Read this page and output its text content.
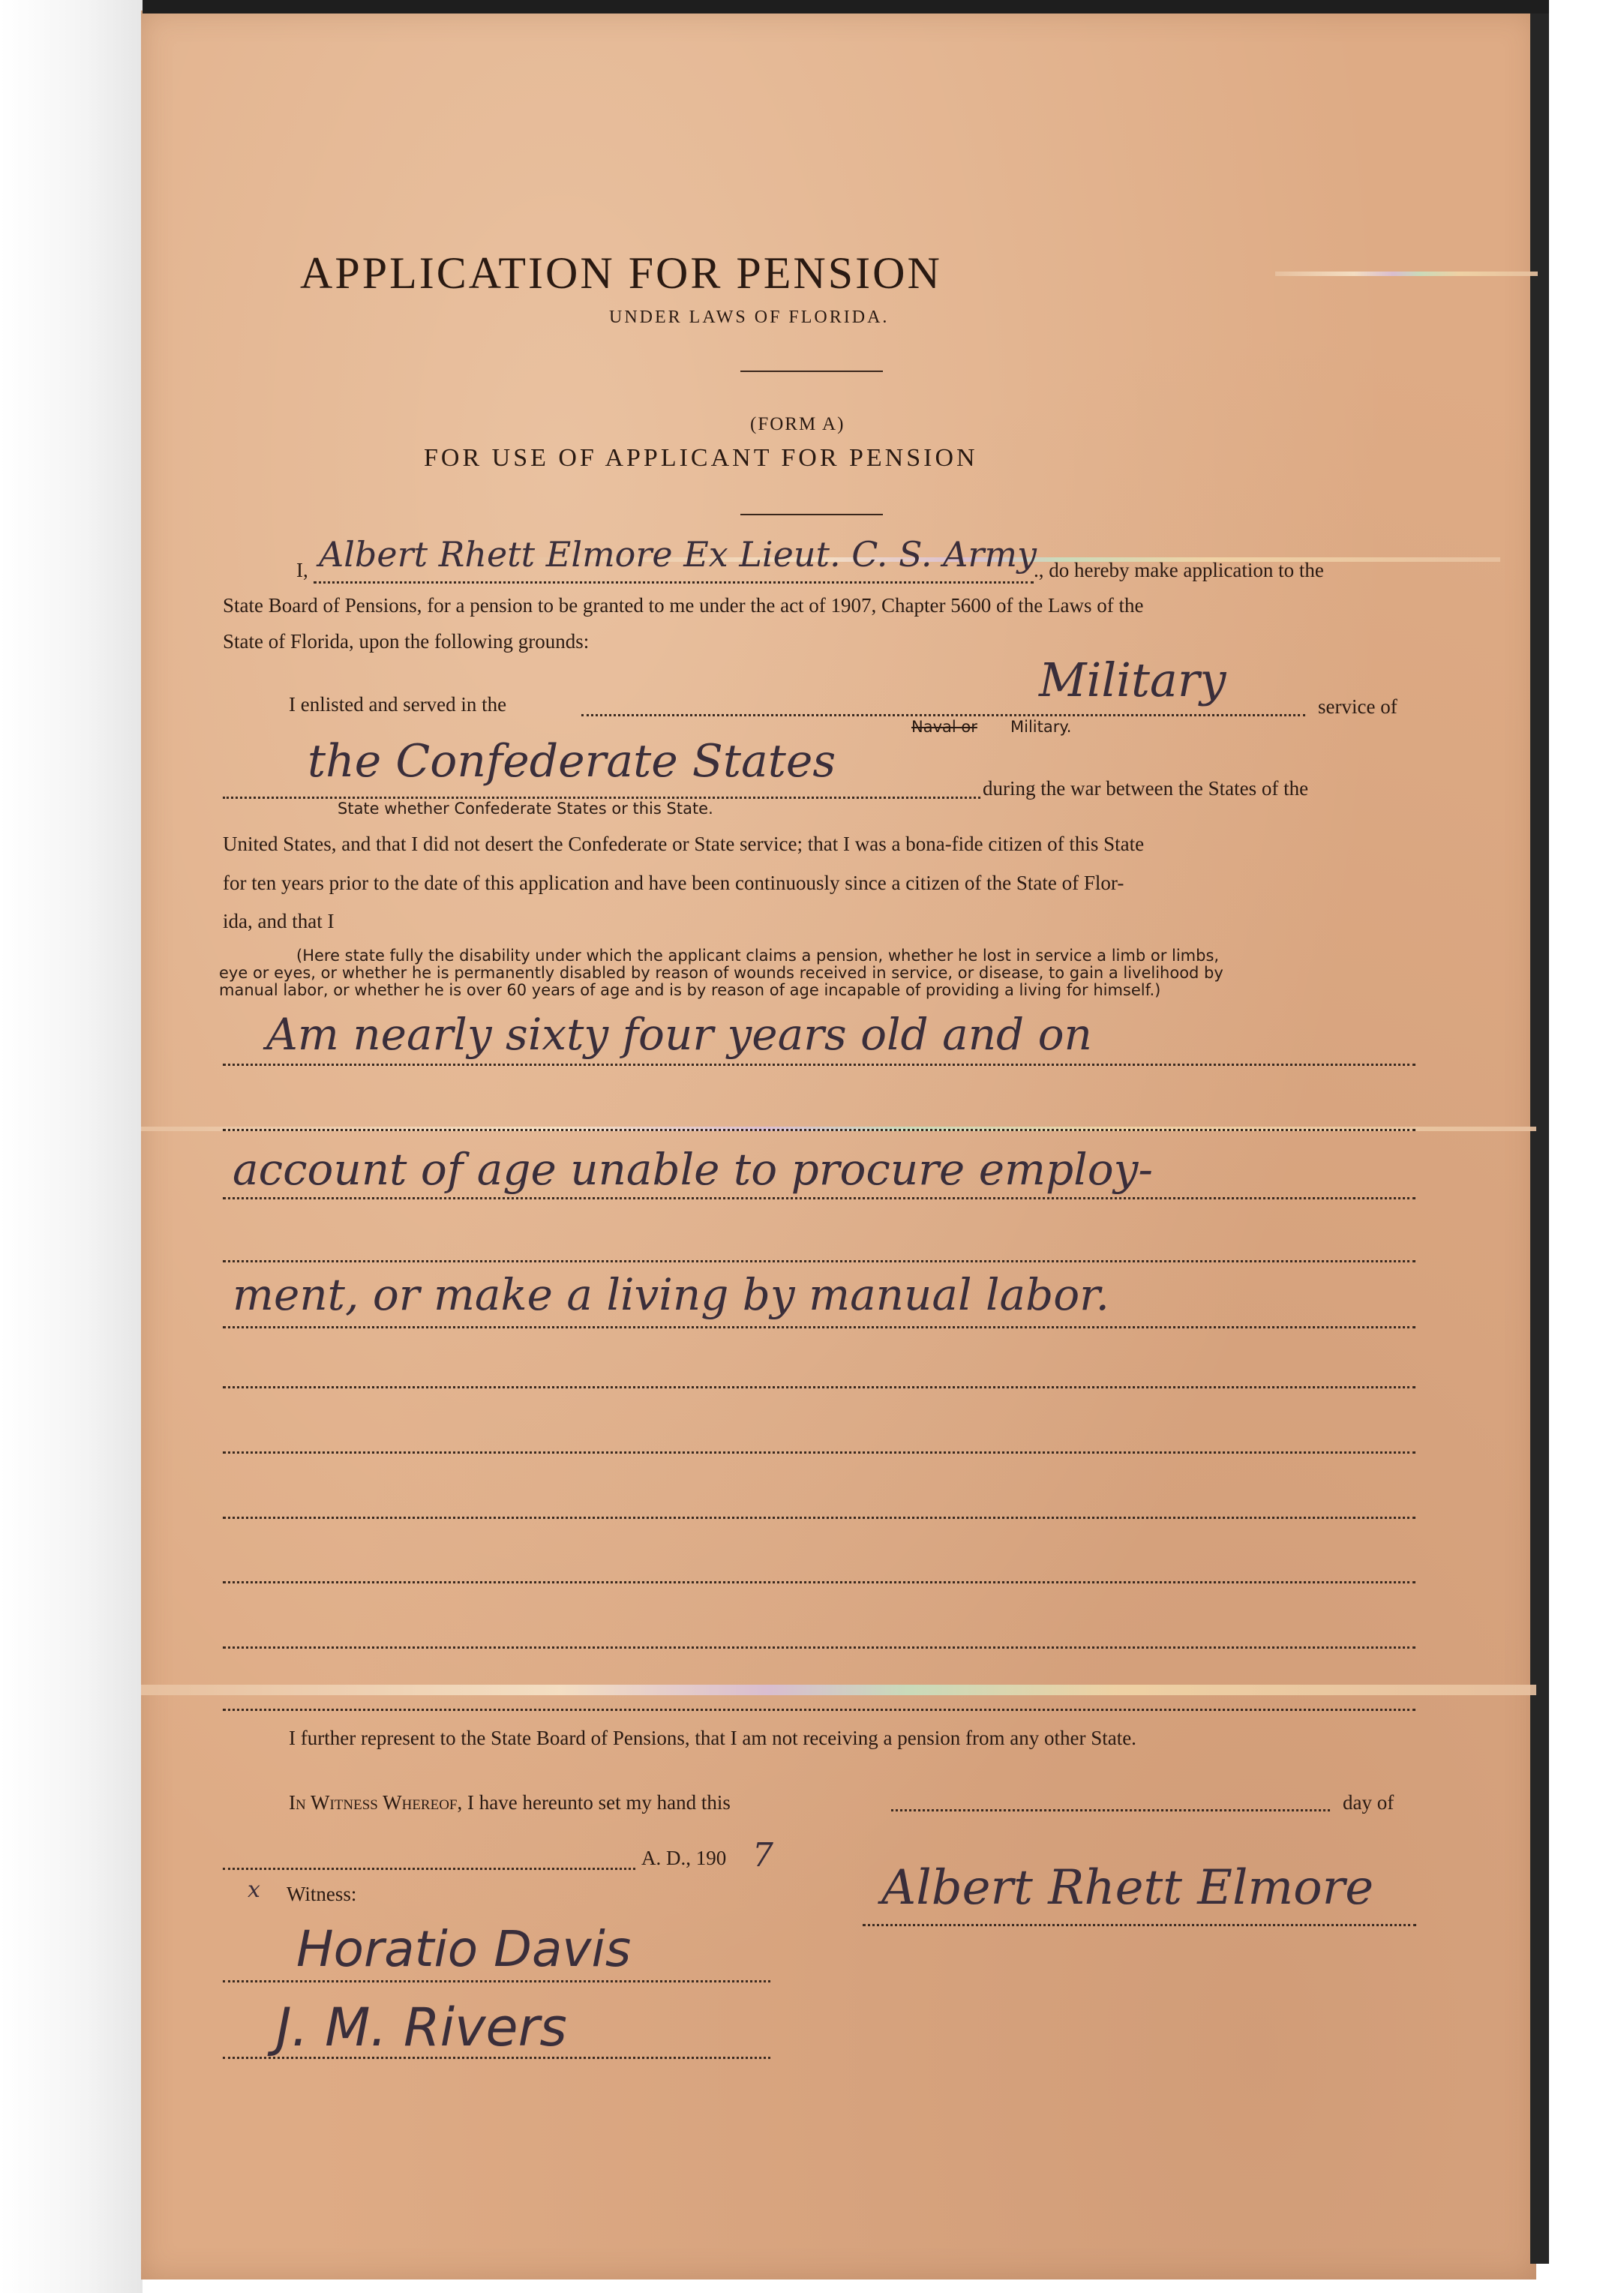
APPLICATION FOR PENSION
UNDER LAWS OF FLORIDA.
(FORM A)
FOR USE OF APPLICANT FOR PENSION
I, Albert Rhett Elmore Ex Lieut. C. S. Army
., do hereby make application to the
State Board of Pensions, for a pension to be granted to me under the act of 1907, Chapter 5600 of the Laws of the
State of Florida, upon the following grounds:
I enlisted and served in the	Military	service of
Naval or Military.
the Confederate States
during the war between the States of the
State whether Confederate States or this State.
United States, and that I did not desert the Confederate or State service; that I was a bona-fide citizen of this State
for ten years prior to the date of this application and have been continuously since a citizen of the State of Flor-
ida, and that I
(Here state fully the disability under which the applicant claims a pension, whether he lost in service a limb or limbs,
eye or eyes, or whether he is permanently disabled by reason of wounds received in service, or disease, to gain a livelihood by
manual labor, or whether he is over 60 years of age and is by reason of age incapable of providing a living for himself.)
Am nearly sixty four years old and on
account of age unable to procure employ-
ment, or make a living by manual labor.
I further represent to the State Board of Pensions, that I am not receiving a pension from any other State.
In Witness Whereof, I have hereunto set my hand this	day of
A. D., 190 7
x Witness:	Albert Rhett Elmore
Horatio Davis
J. M. Rivers
